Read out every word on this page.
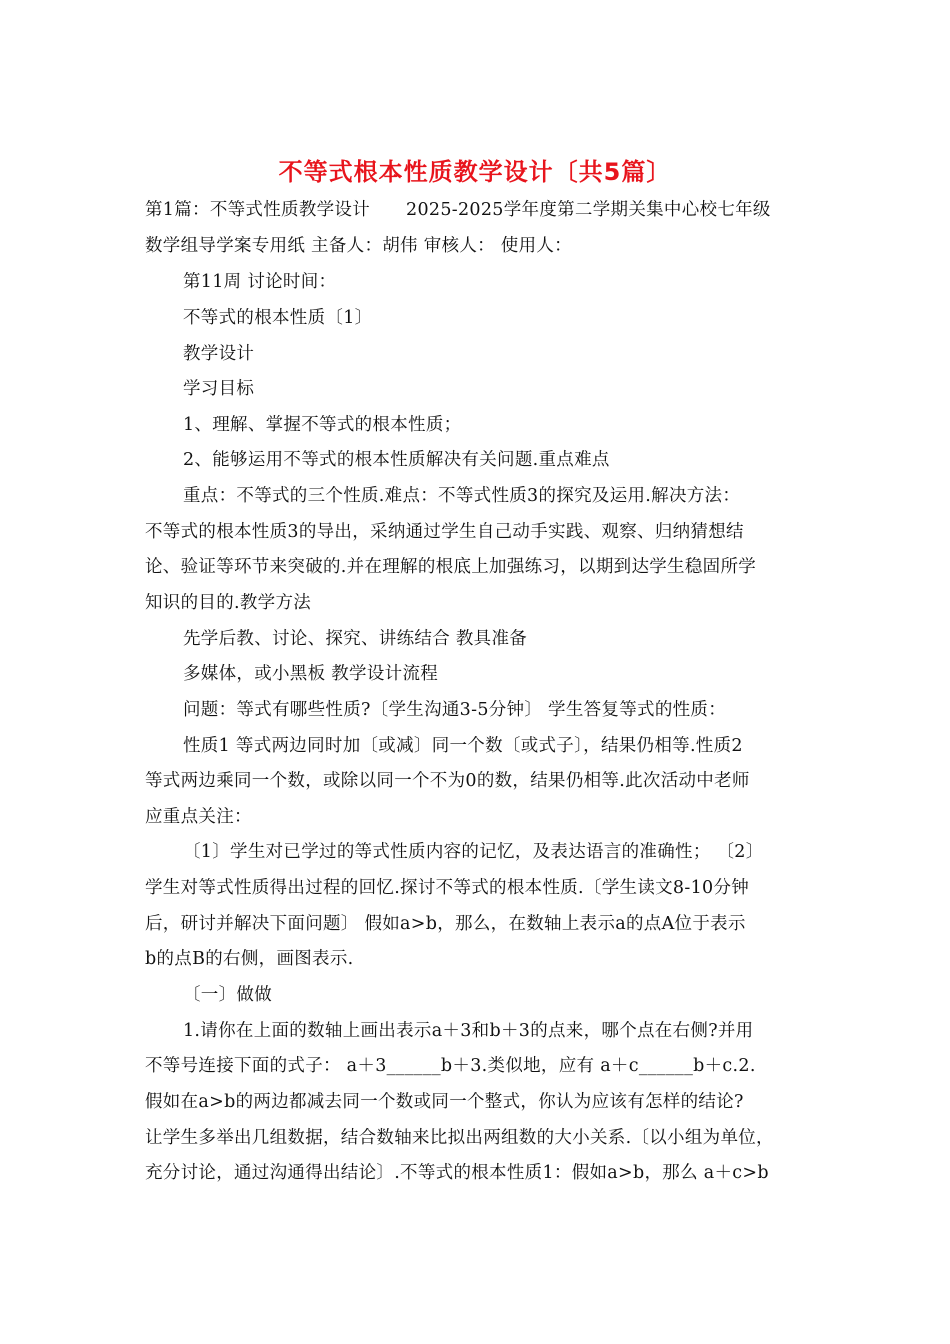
不等式根本性质教学设计〔共5篇〕
第1篇：不等式性质教学设计 2025-2025学年度第二学期关集中心校七年级
数学组导学案专用纸 主备人：胡伟 审核人： 使用人：
第11周 讨论时间：
不等式的根本性质〔1〕
教学设计
学习目标
1、理解、掌握不等式的根本性质；
2、能够运用不等式的根本性质解决有关问题.重点难点
重点：不等式的三个性质.难点：不等式性质3的探究及运用.解决方法：
不等式的根本性质3的导出，采纳通过学生自己动手实践、观察、归纳猜想结
论、验证等环节来突破的.并在理解的根底上加强练习，以期到达学生稳固所学
知识的目的.教学方法
先学后教、讨论、探究、讲练结合 教具准备
多媒体，或小黑板 教学设计流程
问题：等式有哪些性质?〔学生沟通3-5分钟〕 学生答复等式的性质：
性质1 等式两边同时加〔或减〕同一个数〔或式子〕，结果仍相等.性质2
等式两边乘同一个数，或除以同一个不为0的数，结果仍相等.此次活动中老师
应重点关注：
〔1〕学生对已学过的等式性质内容的记忆，及表达语言的准确性； 〔2〕
学生对等式性质得出过程的回忆.探讨不等式的根本性质.〔学生读文8-10分钟
后，研讨并解决下面问题〕 假如a>b，那么，在数轴上表示a的点A位于表示
b的点B的右侧，画图表示.
〔一〕做做
1.请你在上面的数轴上画出表示a＋3和b＋3的点来，哪个点在右侧?并用
不等号连接下面的式子： a＋3______b＋3.类似地，应有 a＋c______b＋c.2.
假如在a>b的两边都减去同一个数或同一个整式，你认为应该有怎样的结论?
让学生多举出几组数据，结合数轴来比拟出两组数的大小关系.〔以小组为单位，
充分讨论，通过沟通得出结论〕.不等式的根本性质1：假如a>b，那么 a＋c>b
